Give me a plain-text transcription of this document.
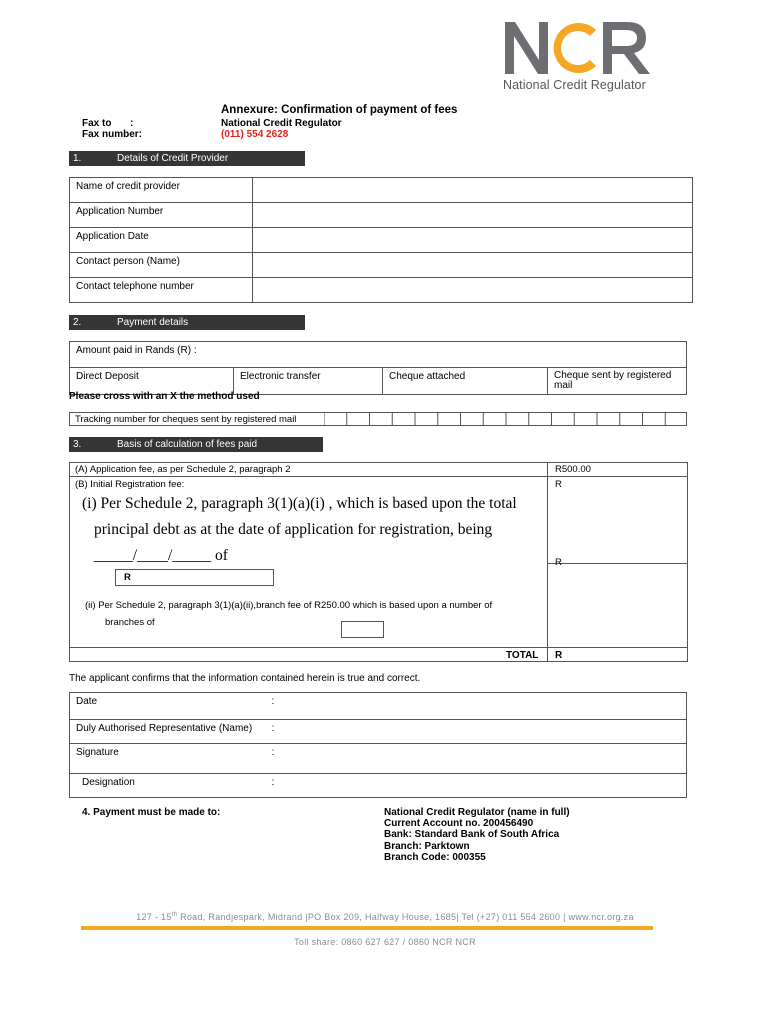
National Credit Regulator
Annexure: Confirmation of payment of fees
Fax to :
Fax number:
National Credit Regulator
(011) 554 2628
1.	Details of Credit Provider
Name of credit provider	
Application Number	
Application Date	
Contact person (Name)	
Contact telephone number	
2.	Payment details
Amount paid in Rands (R) :
Direct Deposit	Electronic transfer	Cheque attached	Cheque sent by registered mail
Please cross with an X the method used
Tracking number for cheques sent by registered mail
3.	Basis of calculation of fees paid
(A) Application fee, as per Schedule 2, paragraph 2	R500.00
(B) Initial Registration fee:	R
(i) Per Schedule 2, paragraph 3(1)(a)(i) , which is based upon the total
principal debt as at the date of application for registration, being
_____/____/_____ of
R
R
(ii) Per Schedule 2, paragraph 3(1)(a)(ii),branch fee of R250.00 which is based upon a number of
branches of
TOTAL R
The applicant confirms that the information contained herein is true and correct.
Date	:
Duly Authorised Representative (Name)	:
Signature	:
Designation	:
4. Payment must be made to:	National Credit Regulator (name in full)
Current Account no. 200456490
Bank: Standard Bank of South Africa
Branch: Parktown
Branch Code: 000355
127 - 15th Road, Randjespark, Midrand |PO Box 209, Halfway House, 1685| Tel (+27) 011 554 2600 | www.ncr.org.za
Toll share: 0860 627 627 / 0860 NCR NCR
